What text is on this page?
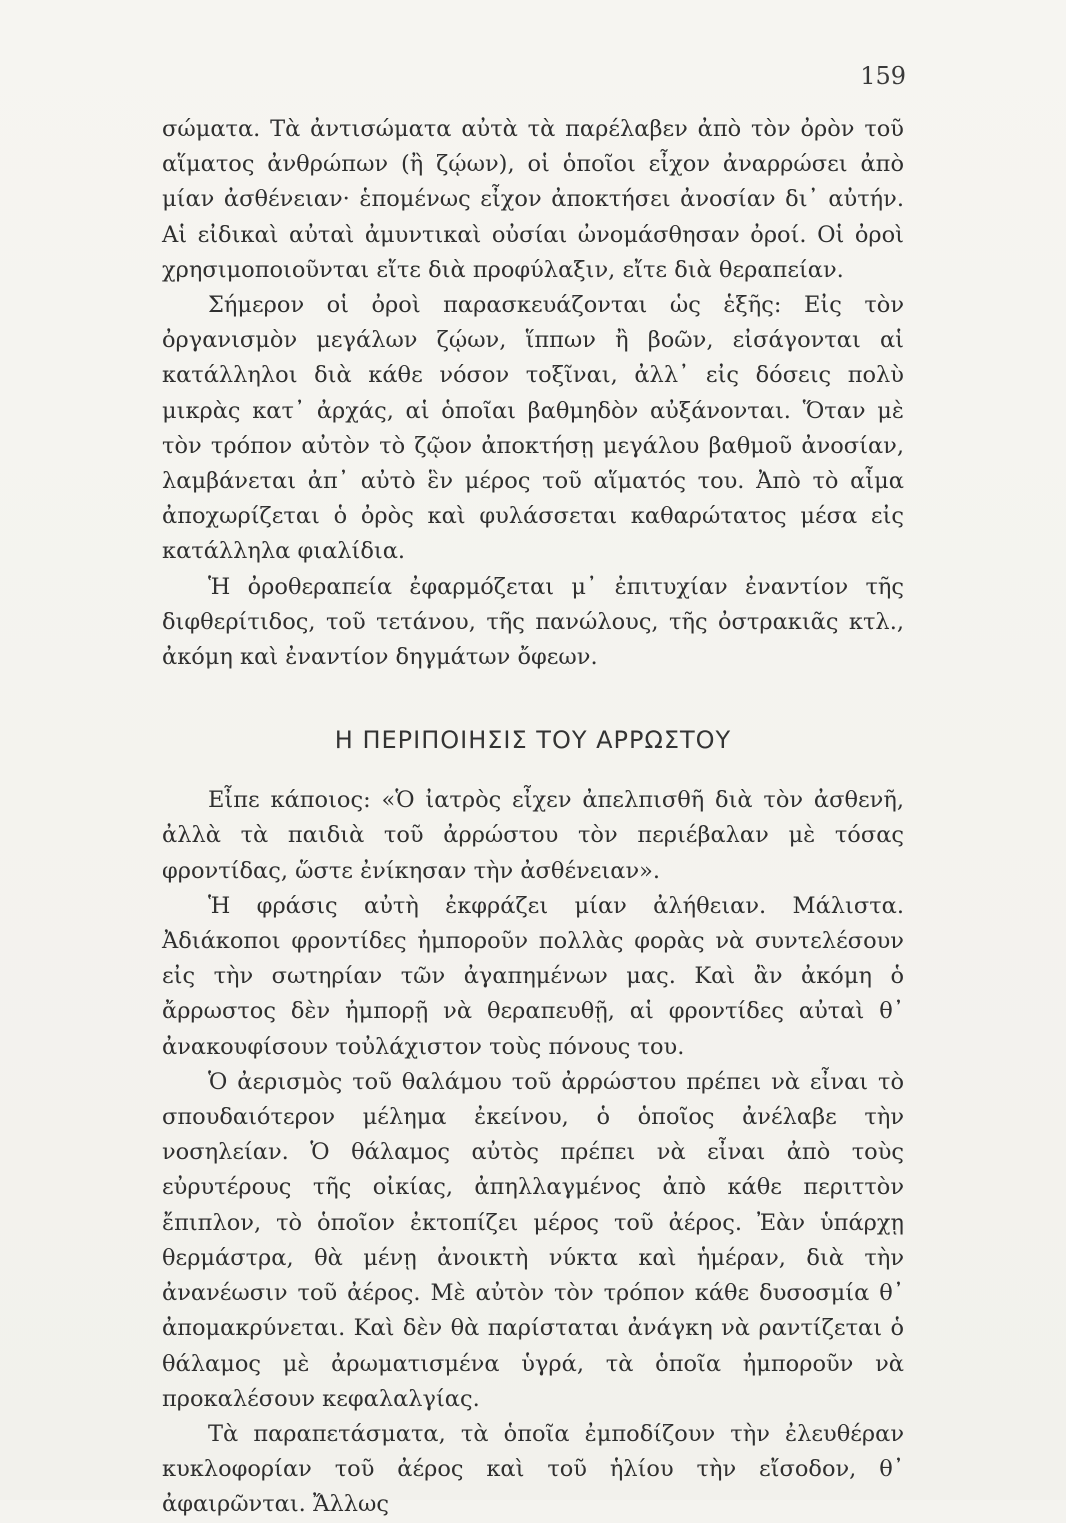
159

σώματα. Τὰ ἀντισώματα αὐτὰ τὰ παρέλαβεν ἀπὸ τὸν ὀρὸν τοῦ αἵματος ἀνθρώπων (ἢ ζῴων), οἱ ὁποῖοι εἶχον ἀναρρώσει ἀπὸ μίαν ἀσθένειαν· ἑπομένως εἶχον ἀποκτήσει ἀνοσίαν δι᾽ αὐτήν. Αἱ εἰδικαὶ αὐταὶ ἀμυντικαὶ οὐσίαι ὠνομάσθησαν ὀροί. Οἱ ὀροὶ χρησιμοποιοῦνται εἴτε διὰ προφύλαξιν, εἴτε διὰ θεραπείαν.

Σήμερον οἱ ὀροὶ παρασκευάζονται ὡς ἑξῆς: Εἰς τὸν ὀργανισμὸν μεγάλων ζῴων, ἵππων ἢ βοῶν, εἰσάγονται αἱ κατάλληλοι διὰ κάθε νόσον τοξῖναι, ἀλλ᾽ εἰς δόσεις πολὺ μικρὰς κατ᾽ ἀρχάς, αἱ ὁποῖαι βαθμηδὸν αὐξάνονται. Ὅταν μὲ τὸν τρόπον αὐτὸν τὸ ζῷον ἀποκτήσῃ μεγάλου βαθμοῦ ἀνοσίαν, λαμβάνεται ἀπ᾽ αὐτὸ ἓν μέρος τοῦ αἵματός του. Ἀπὸ τὸ αἷμα ἀποχωρίζεται ὁ ὀρὸς καὶ φυλάσσεται καθαρώτατος μέσα εἰς κατάλληλα φιαλίδια.

Ἡ ὀροθεραπεία ἐφαρμόζεται μ᾽ ἐπιτυχίαν ἐναντίον τῆς διφθερίτιδος, τοῦ τετάνου, τῆς πανώλους, τῆς ὀστρακιᾶς κτλ., ἀκόμη καὶ ἐναντίον δηγμάτων ὄφεων.

Η ΠΕΡΙΠΟΙΗΣΙΣ ΤΟΥ ΑΡΡΩΣΤΟΥ

Εἶπε κάποιος: «Ὁ ἰατρὸς εἶχεν ἀπελπισθῆ διὰ τὸν ἀσθενῆ, ἀλλὰ τὰ παιδιὰ τοῦ ἀρρώστου τὸν περιέβαλαν μὲ τόσας φροντίδας, ὥστε ἐνίκησαν τὴν ἀσθένειαν».

Ἡ φράσις αὐτὴ ἐκφράζει μίαν ἀλήθειαν. Μάλιστα. Ἀδιάκοποι φροντίδες ἠμποροῦν πολλὰς φορὰς νὰ συντελέσουν εἰς τὴν σωτηρίαν τῶν ἀγαπημένων μας. Καὶ ἂν ἀκόμη ὁ ἄρρωστος δὲν ἠμπορῇ νὰ θεραπευθῇ, αἱ φροντίδες αὐταὶ θ᾽ ἀνακουφίσουν τοὐλάχιστον τοὺς πόνους του.

Ὁ ἀερισμὸς τοῦ θαλάμου τοῦ ἀρρώστου πρέπει νὰ εἶναι τὸ σπουδαιότερον μέλημα ἐκείνου, ὁ ὁποῖος ἀνέλαβε τὴν νοσηλείαν. Ὁ θάλαμος αὐτὸς πρέπει νὰ εἶναι ἀπὸ τοὺς εὐρυτέρους τῆς οἰκίας, ἀπηλλαγμένος ἀπὸ κάθε περιττὸν ἔπιπλον, τὸ ὁποῖον ἐκτοπίζει μέρος τοῦ ἀέρος. Ἐὰν ὑπάρχῃ θερμάστρα, θὰ μένῃ ἀνοικτὴ νύκτα καὶ ἡμέραν, διὰ τὴν ἀνανέωσιν τοῦ ἀέρος. Μὲ αὐτὸν τὸν τρόπον κάθε δυσοσμία θ᾽ ἀπομακρύνεται. Καὶ δὲν θὰ παρίσταται ἀνάγκη νὰ ραντίζεται ὁ θάλαμος μὲ ἀρωματισμένα ὑγρά, τὰ ὁποῖα ἠμποροῦν νὰ προκαλέσουν κεφαλαλγίας.

Τὰ παραπετάσματα, τὰ ὁποῖα ἐμποδίζουν τὴν ἐλευθέραν κυκλοφορίαν τοῦ ἀέρος καὶ τοῦ ἡλίου τὴν εἴσοδον, θ᾽ ἀφαιρῶνται. Ἄλλως
